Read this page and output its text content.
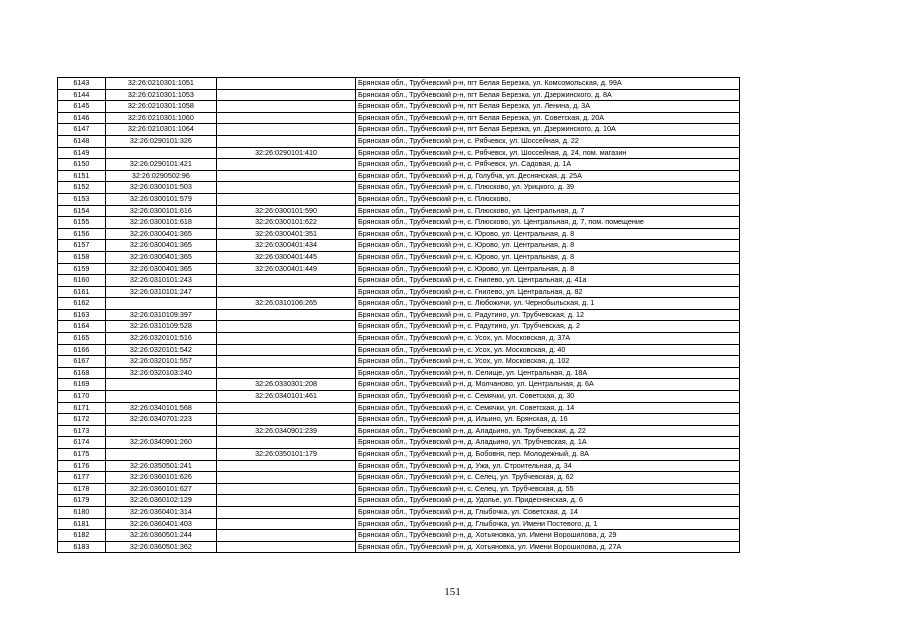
6143	32:26:0210301:1051		Брянская обл., Трубчевский р-н, пгт Белая Березка, ул. Комсомольская, д. 99А
6144	32:26:0210301:1053		Брянская обл., Трубчевский р-н, пгт Белая Березка, ул. Дзержинского, д. 8А
6145	32:26:0210301:1058		Брянская обл., Трубчевский р-н, пгт Белая Березка, ул. Ленина, д. 3А
6146	32:26:0210301:1060		Брянская обл., Трубчевский р-н, пгт Белая Березка, ул. Советская, д. 20А
6147	32:26:0210301:1064		Брянская обл., Трубчевский р-н, пгт Белая Березка, ул. Дзержинского, д. 10А
6148	32:26:0290101:326		Брянская обл., Трубчевский р-н, с. Рябчевск, ул. Шоссейная, д. 22
6149		32:26:0290101:410	Брянская обл., Трубчевский р-н, с. Рябчевск, ул. Шоссейная, д. 24, пом. магазин
6150	32:26:0290101:421		Брянская обл., Трубчевский р-н, с. Рябчевск, ул. Садовая, д. 1А
6151	32:26:0290502:96		Брянская обл., Трубчевский р-н, д. Голубча, ул. Деснянская, д. 25А
6152	32:26:0300101:503		Брянская обл., Трубчевский р-н, с. Плюсково, ул. Урицкого, д. 39
6153	32:26:0300101:579		Брянская обл., Трубчевский р-н, с. Плюсково,
6154	32:26:0300101:616	32:26:0300101:590	Брянская обл., Трубчевский р-н, с. Плюсково, ул. Центральная, д. 7
6155	32:26:0300101:618	32:26:0300101:622	Брянская обл., Трубчевский р-н, с. Плюсково, ул. Центральная, д. 7, пом. помещение
6156	32:26:0300401:365	32:26:0300401:351	Брянская обл., Трубчевский р-н, с. Юрово, ул. Центральная, д. 8
6157	32:26:0300401:365	32:26:0300401:434	Брянская обл., Трубчевский р-н, с. Юрово, ул. Центральная, д. 8
6158	32:26:0300401:365	32:26:0300401:445	Брянская обл., Трубчевский р-н, с. Юрово, ул. Центральная, д. 8
6159	32:26:0300401:365	32:26:0300401:449	Брянская обл., Трубчевский р-н, с. Юрово, ул. Центральная, д. 8
6160	32:26:0310101:243		Брянская обл., Трубчевский р-н, с. Гнилево, ул. Центральная, д. 41а
6161	32:26:0310101:247		Брянская обл., Трубчевский р-н, с. Гнилево, ул. Центральная, д. 82
6162		32:26:0310106:265	Брянская обл., Трубчевский р-н, с. Любожичи, ул. Чернобыльская, д. 1
6163	32:26:0310109:397		Брянская обл., Трубчевский р-н, с. Радутино, ул. Трубчевская, д. 12
6164	32:26:0310109:528		Брянская обл., Трубчевский р-н, с. Радутино, ул. Трубчевская, д. 2
6165	32:26:0320101:516		Брянская обл., Трубчевский р-н, с. Усох, ул. Московская, д. 37А
6166	32:26:0320101:542		Брянская обл., Трубчевский р-н, с. Усох, ул. Московская, д. 40
6167	32:26:0320101:557		Брянская обл., Трубчевский р-н, с. Усох, ул. Московская, д. 102
6168	32:26:0320103:240		Брянская обл., Трубчевский р-н, п. Селище, ул. Центральная, д. 18А
6169		32:26:0330301:208	Брянская обл., Трубчевский р-н, д. Молчаново, ул. Центральная, д. 6А
6170		32:26:0340101:461	Брянская обл., Трубчевский р-н, с. Семячки, ул. Советская, д. 30
6171	32:26:0340101:568		Брянская обл., Трубчевский р-н, с. Семячки, ул. Советская, д. 14
6172	32:26:0340701:223		Брянская обл., Трубчевский р-н, д. Ильино, ул. Брянская, д. 16
6173		32:26:0340901:239	Брянская обл., Трубчевский р-н, д. Аладьино, ул. Трубчевская, д. 22
6174	32:26:0340901:260		Брянская обл., Трубчевский р-н, д. Аладьино, ул. Трубчевская, д. 1А
6175		32:26:0350101:179	Брянская обл., Трубчевский р-н, д. Бобовня, пер. Молодежный, д. 8А
6176	32:26:0350501:241		Брянская обл., Трубчевский р-н, д. Ужа, ул. Строительная, д. 34
6177	32:26:0360101:626		Брянская обл., Трубчевский р-н, с. Селец, ул. Трубчевская, д. 62
6178	32:26:0360101:627		Брянская обл., Трубчевский р-н, с. Селец, ул. Трубчевская, д. 55
6179	32:26:0360102:129		Брянская обл., Трубчевский р-н, д. Удолье, ул. Придеснянская, д. 6
6180	32:26:0360401:314		Брянская обл., Трубчевский р-н, д. Глыбочка, ул. Советская, д. 14
6181	32:26:0360401:403		Брянская обл., Трубчевский р-н, д. Глыбочка, ул. Имени Постевого, д. 1
6182	32:26:0360501:244		Брянская обл., Трубчевский р-н, д. Хотьяновка, ул. Имени Ворошилова, д. 29
6183	32:26:0360501:362		Брянская обл., Трубчевский р-н, д. Хотьяновка, ул. Имени Ворошилова, д. 27А
151
